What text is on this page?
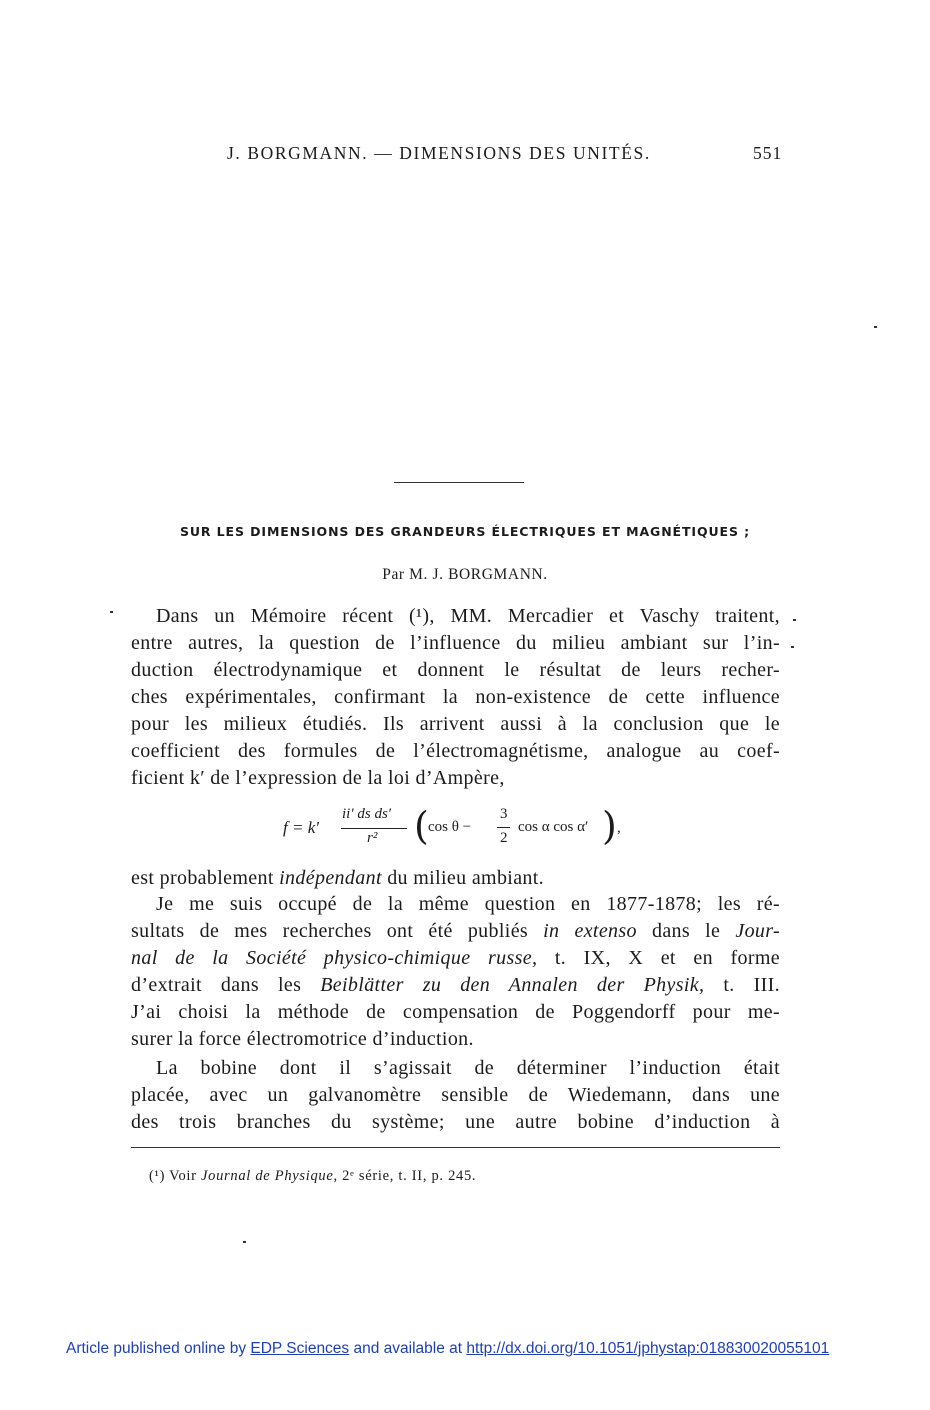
J. BORGMANN. — DIMENSIONS DES UNITÉS.	551
SUR LES DIMENSIONS DES GRANDEURS ÉLECTRIQUES ET MAGNÉTIQUES ;
Par M. J. BORGMANN.
Dans un Mémoire récent (¹), MM. Mercadier et Vaschy traitent,
entre autres, la question de l’influence du milieu ambiant sur l’in-
duction électrodynamique et donnent le résultat de leurs recher-
ches expérimentales, confirmant la non-existence de cette influence
pour les milieux étudiés. Ils arrivent aussi à la conclusion que le
coefficient des formules de l’électromagnétisme, analogue au coef-
ficient k′ de l’expression de la loi d’Ampère,
f = k′
ii′ ds ds′
r² ( cos θ −
3
2
cos α cos α′ ) ,
est probablement indépendant du milieu ambiant.
Je me suis occupé de la même question en 1877-1878; les ré-
sultats de mes recherches ont été publiés in extenso dans le Jour-
nal de la Société physico-chimique russe, t. IX, X et en forme
d’extrait dans les Beiblätter zu den Annalen der Physik, t. III.
J’ai choisi la méthode de compensation de Poggendorff pour me-
surer la force électromotrice d’induction.
La bobine dont il s’agissait de déterminer l’induction était
placée, avec un galvanomètre sensible de Wiedemann, dans une
des trois branches du système; une autre bobine d’induction à
(¹) Voir Journal de Physique, 2ᵉ série, t. II, p. 245.
Article published online by EDP Sciences and available at http://dx.doi.org/10.1051/jphystap:018830020055101
